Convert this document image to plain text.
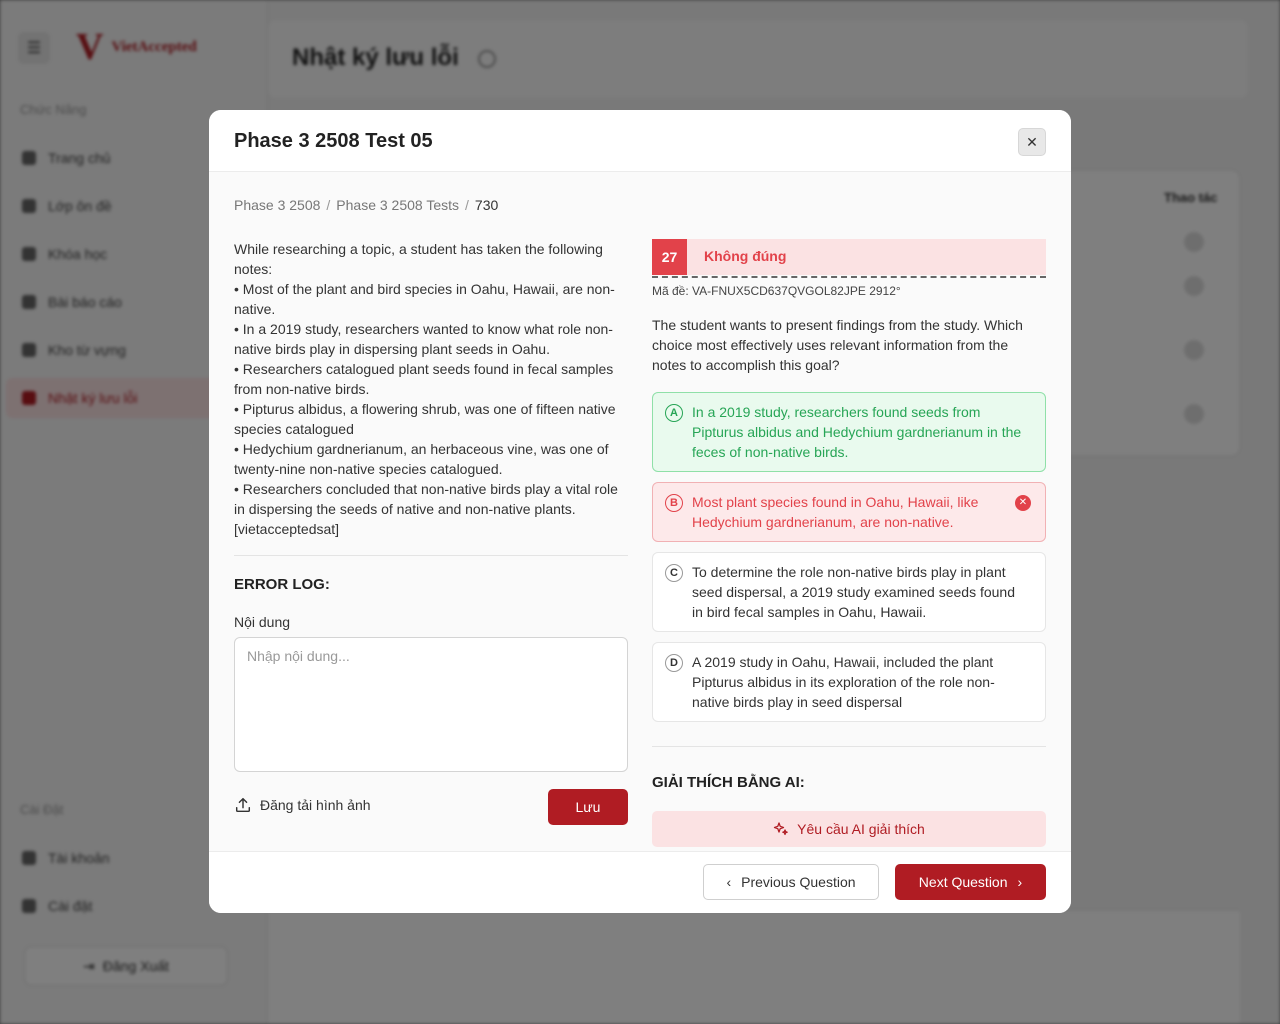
Phase 3 2508 Test 05	✕
Phase 3 2508 / Phase 3 2508 Tests / 730

While researching a topic, a student has taken the following notes:

• Most of the plant and bird species in Oahu, Hawaii, are non-native.

• In a 2019 study, researchers wanted to know what role non-native birds play in dispersing plant seeds in Oahu.

• Researchers catalogued plant seeds found in fecal samples from non-native birds.

• Pipturus albidus, a flowering shrub, was one of fifteen native species catalogued

• Hedychium gardnerianum, an herbaceous vine, was one of twenty-nine non-native species catalogued.

• Researchers concluded that non-native birds play a vital role in dispersing the seeds of native and non-native plants. [vietacceptedsat]

ERROR LOG:
Nội dung
Nhập nội dung...
Đăng tải hình ảnh	Lưu
27	Không đúng
Mã đề: VA-FNUX5CD637QVGOL82JPE 2912°
The student wants to present findings from the study. Which choice most effectively uses relevant information from the notes to accomplish this goal?
A	In a 2019 study, researchers found seeds from Pipturus albidus and Hedychium gardnerianum in the feces of non-native birds.
B	Most plant species found in Oahu, Hawaii, like Hedychium gardnerianum, are non-native.
✕
C	To determine the role non-native birds play in plant seed dispersal, a 2019 study examined seeds found in bird fecal samples in Oahu, Hawaii.
D	A 2019 study in Oahu, Hawaii, included the plant Pipturus albidus in its exploration of the role non-native birds play in seed dispersal
GIẢI THÍCH BẰNG AI:
Yêu cầu AI giải thích
‹ Previous Question	Next Question ›
